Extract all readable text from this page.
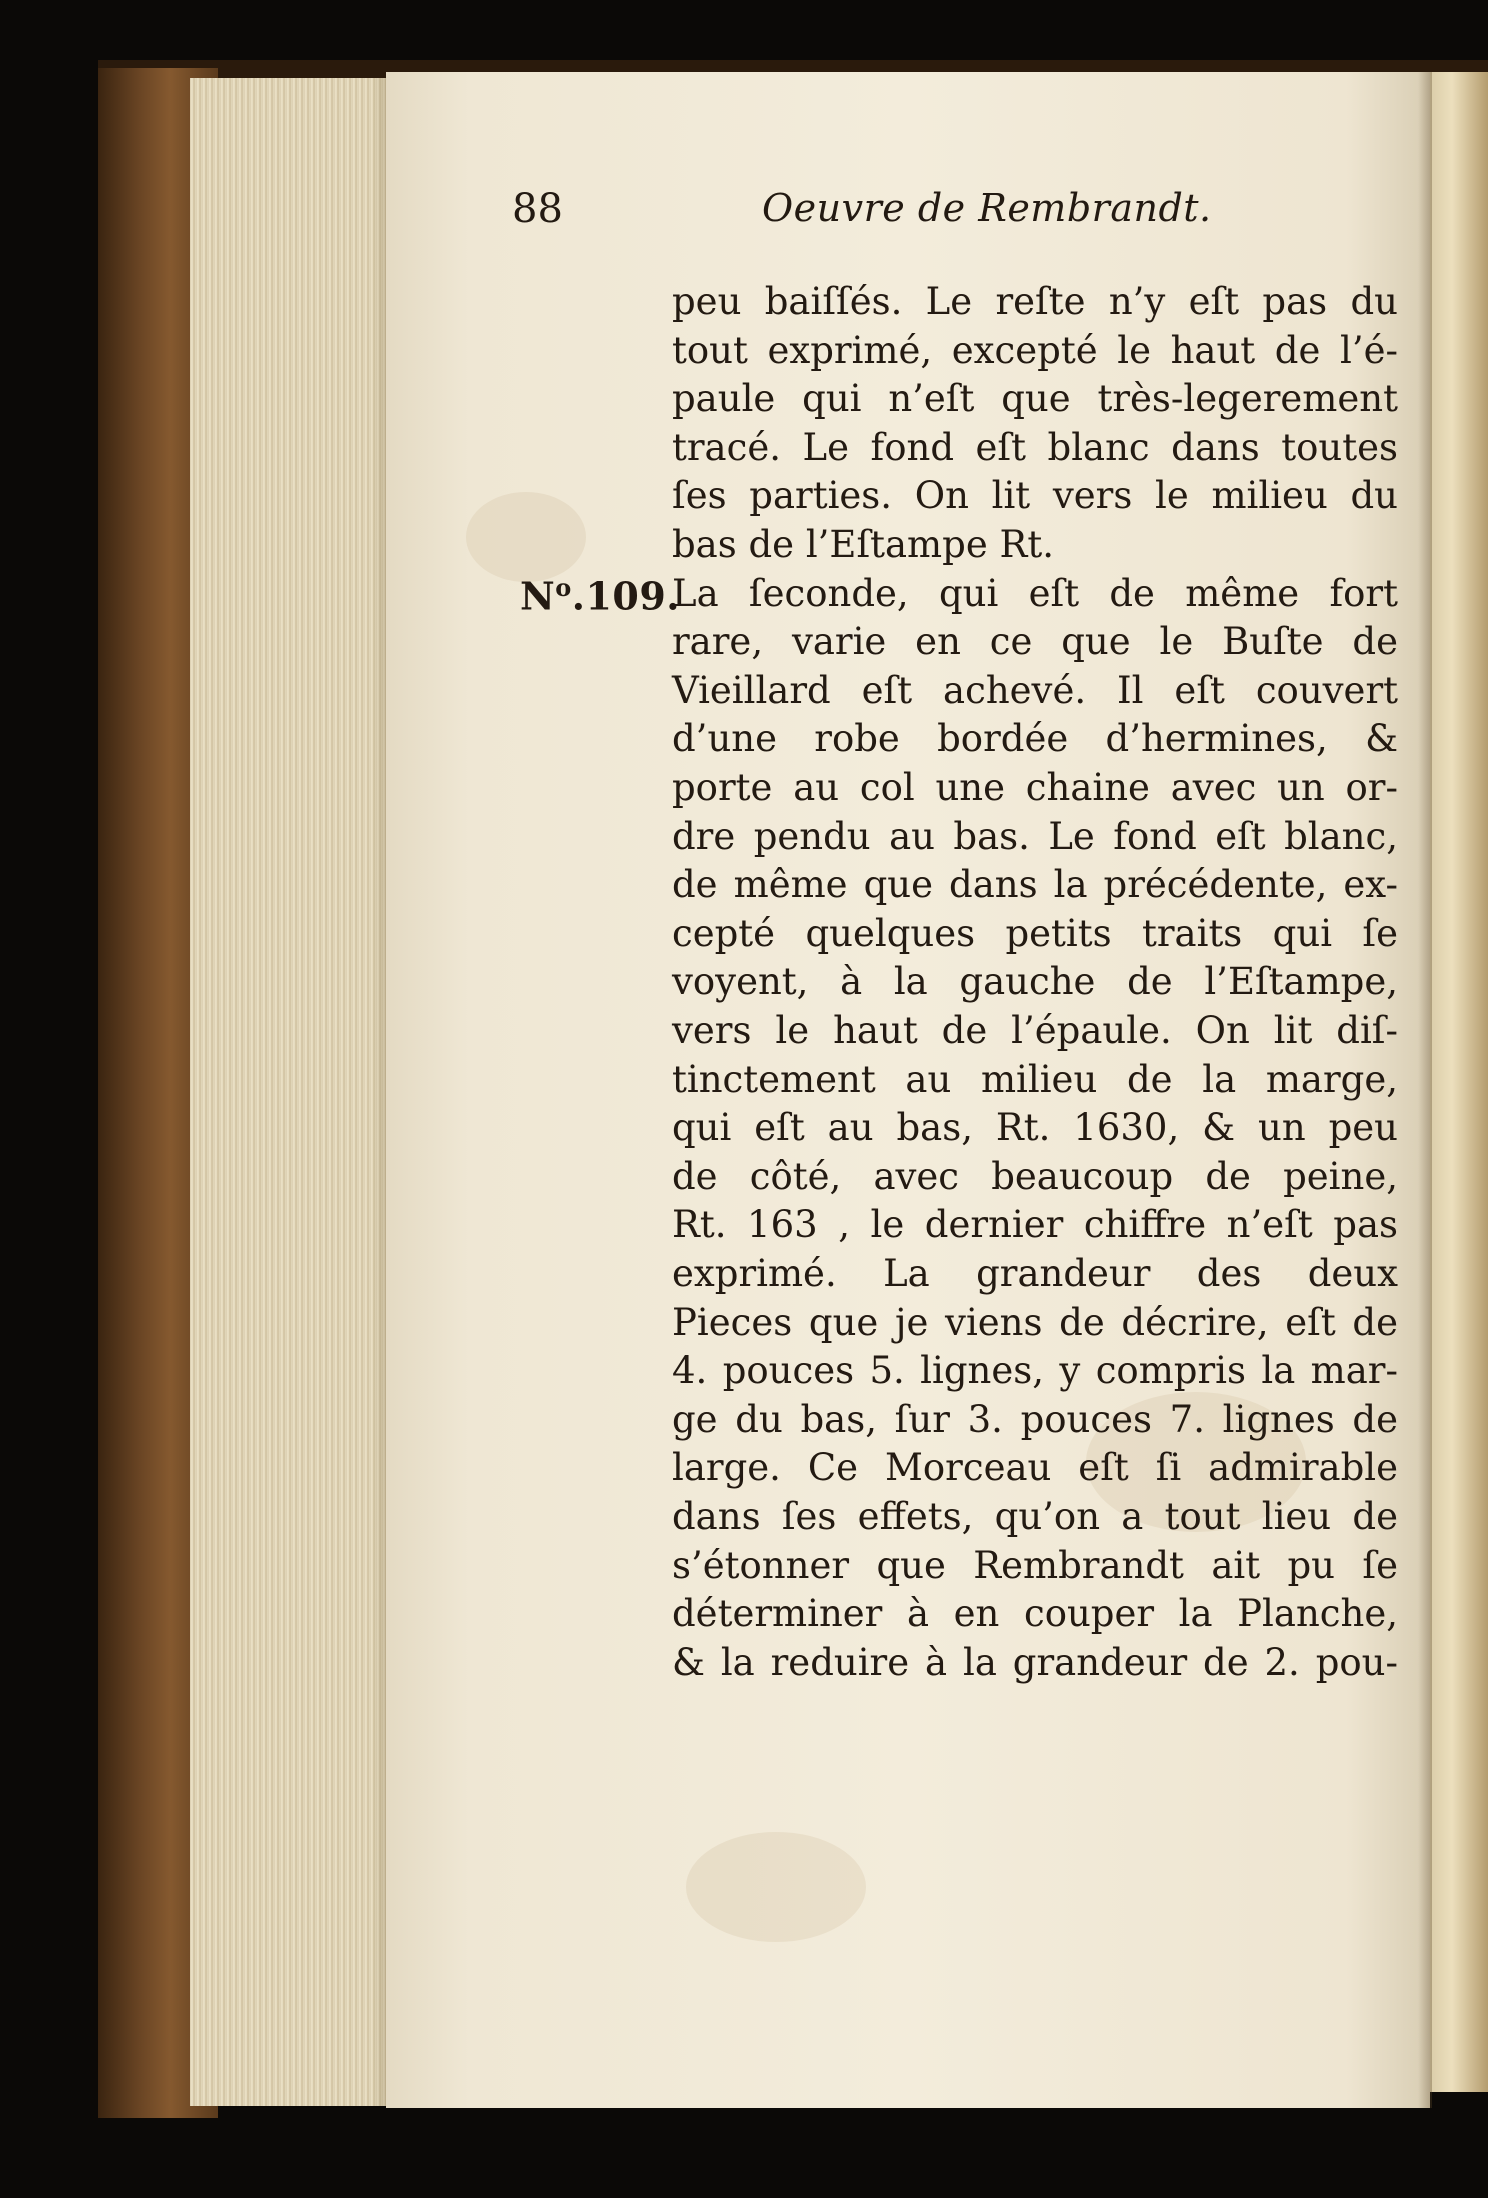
88	Oeuvre de Rembrandt.
$N^o.109$.
peu baiſſés. Le reſte n’y eſt pas du
tout exprimé, excepté le haut de l’é-
paule qui n’eſt que très-legerement
tracé. Le fond eſt blanc dans toutes
ſes parties. On lit vers le milieu du
bas de l’Eſtampe Rt.
La ſeconde, qui eſt de même fort
rare, varie en ce que le Buſte de
Vieillard eſt achevé. Il eſt couvert
d’une robe bordée d’hermines, &
porte au col une chaine avec un or-
dre pendu au bas. Le fond eſt blanc,
de même que dans la précédente, ex-
cepté quelques petits traits qui ſe
voyent, à la gauche de l’Eſtampe,
vers le haut de l’épaule. On lit diſ-
tinctement au milieu de la marge,
qui eſt au bas, Rt. 1630, & un peu
de côté, avec beaucoup de peine,
Rt. 163 , le dernier chiffre n’eſt pas
exprimé. La grandeur des deux
Pieces que je viens de décrire, eſt de
4. pouces 5. lignes, y compris la mar-
ge du bas, ſur 3. pouces 7. lignes de
large. Ce Morceau eſt ſi admirable
dans ſes effets, qu’on a tout lieu de
s’étonner que Rembrandt ait pu ſe
déterminer à en couper la Planche,
& la reduire à la grandeur de 2. pou-
